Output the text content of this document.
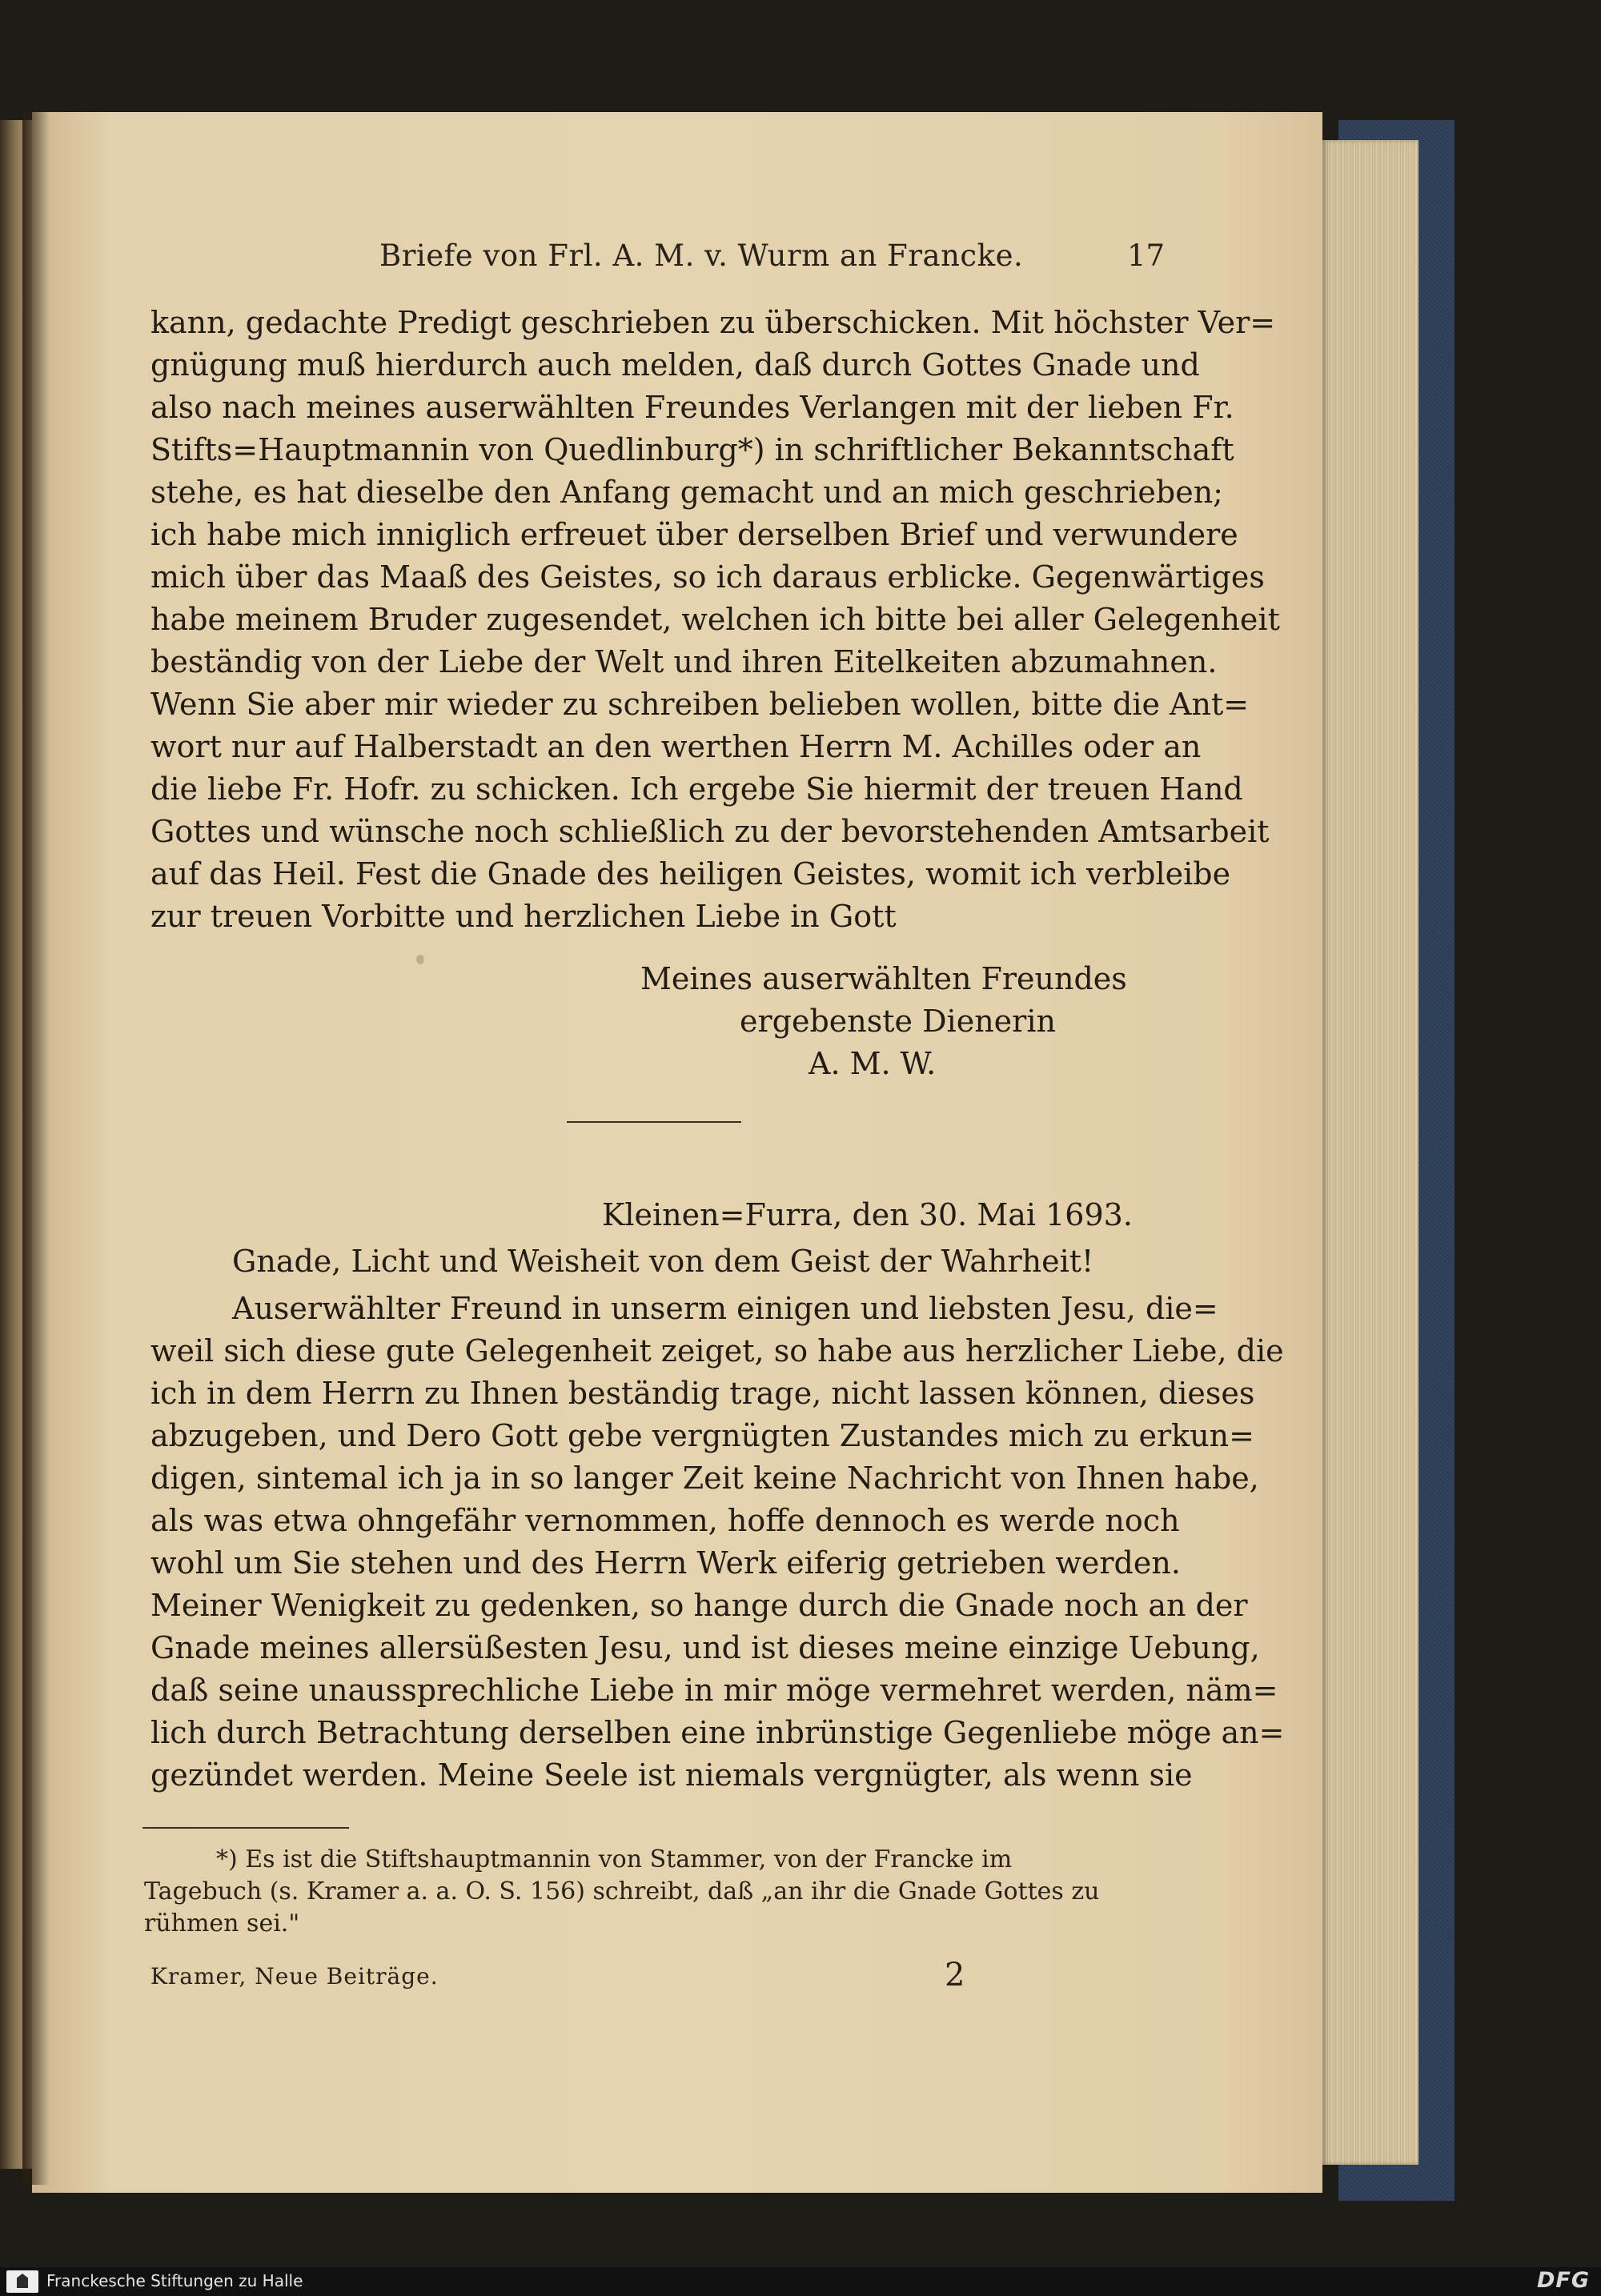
Briefe von Frl. A. M. v. Wurm an Francke.	17
kann, gedachte Predigt geschrieben zu überschicken. Mit höchster Ver=
gnügung muß hierdurch auch melden, daß durch Gottes Gnade und
also nach meines auserwählten Freundes Verlangen mit der lieben Fr.
Stifts=Hauptmannin von Quedlinburg*) in schriftlicher Bekanntschaft
stehe, es hat dieselbe den Anfang gemacht und an mich geschrieben;
ich habe mich inniglich erfreuet über derselben Brief und verwundere
mich über das Maaß des Geistes, so ich daraus erblicke. Gegenwärtiges
habe meinem Bruder zugesendet, welchen ich bitte bei aller Gelegenheit
beständig von der Liebe der Welt und ihren Eitelkeiten abzumahnen.
Wenn Sie aber mir wieder zu schreiben belieben wollen, bitte die Ant=
wort nur auf Halberstadt an den werthen Herrn M. Achilles oder an
die liebe Fr. Hofr. zu schicken. Ich ergebe Sie hiermit der treuen Hand
Gottes und wünsche noch schließlich zu der bevorstehenden Amtsarbeit
auf das Heil. Fest die Gnade des heiligen Geistes, womit ich verbleibe
zur treuen Vorbitte und herzlichen Liebe in Gott
Meines auserwählten Freundes
ergebenste Dienerin
A. M. W.
Kleinen=Furra, den 30. Mai 1693.
Gnade, Licht und Weisheit von dem Geist der Wahrheit!
Auserwählter Freund in unserm einigen und liebsten Jesu, die=
weil sich diese gute Gelegenheit zeiget, so habe aus herzlicher Liebe, die
ich in dem Herrn zu Ihnen beständig trage, nicht lassen können, dieses
abzugeben, und Dero Gott gebe vergnügten Zustandes mich zu erkun=
digen, sintemal ich ja in so langer Zeit keine Nachricht von Ihnen habe,
als was etwa ohngefähr vernommen, hoffe dennoch es werde noch
wohl um Sie stehen und des Herrn Werk eiferig getrieben werden.
Meiner Wenigkeit zu gedenken, so hange durch die Gnade noch an der
Gnade meines allersüßesten Jesu, und ist dieses meine einzige Uebung,
daß seine unaussprechliche Liebe in mir möge vermehret werden, näm=
lich durch Betrachtung derselben eine inbrünstige Gegenliebe möge an=
gezündet werden. Meine Seele ist niemals vergnügter, als wenn sie
*) Es ist die Stiftshauptmannin von Stammer, von der Francke im
Tagebuch (s. Kramer a. a. O. S. 156) schreibt, daß „an ihr die Gnade Gottes zu
rühmen sei."
Kramer, Neue Beiträge.	2
Franckesche Stiftungen zu Halle	DFG
